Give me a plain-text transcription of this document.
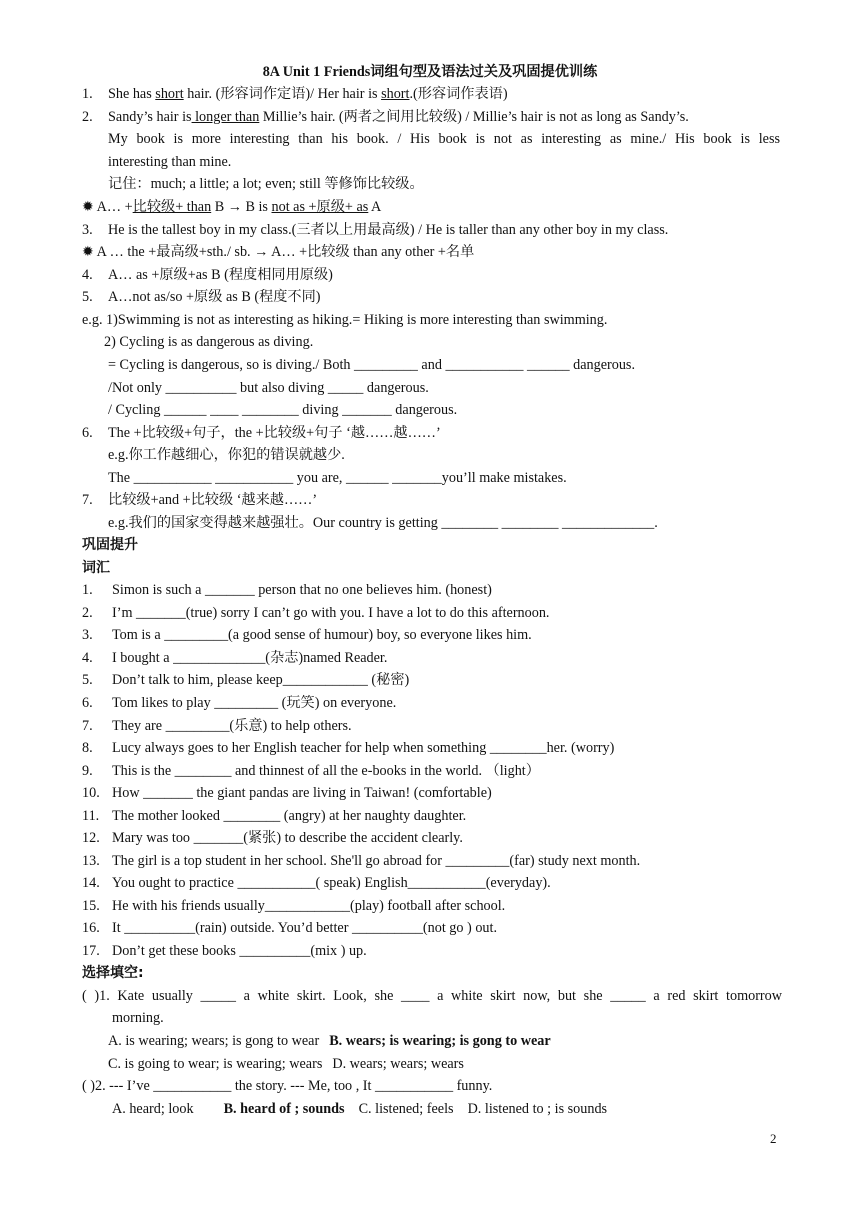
8A Unit 1 Friends词组句型及语法过关及巩固提优训练
1. She has short hair. (形容词作定语)/ Her hair is short.(形容词作表语)
2. Sandy’s hair is longer than Millie’s hair. (两者之间用比较级) / Millie’s hair is not as long as Sandy’s.
My book is more interesting than his book. / His book is not as interesting as mine./ His book is less
interesting than mine.
记住：much; a little; a lot; even; still 等修饰比较级。
✹ A… +比较级+ than B → B is not as +原级+ as A
3. He is the tallest boy in my class.(三者以上用最高级) / He is taller than any other boy in my class.
✹ A … the +最高级+sth./ sb. → A… +比较级 than any other +名单
4. A… as +原级+as B (程度相同用原级)
5. A…not as/so +原级 as B (程度不同)
e.g. 1)Swimming is not as interesting as hiking.= Hiking is more interesting than swimming.
2) Cycling is as dangerous as diving.
= Cycling is dangerous, so is diving./ Both _________ and ___________ ______ dangerous.
/Not only __________ but also diving _____ dangerous.
/ Cycling ______ ____ ________ diving _______ dangerous.
6. The +比较级+句子，the +比较级+句子 ‘越……越……’
e.g.你工作越细心，你犯的错误就越少.
The ___________ ___________ you are, ______ _______you’ll make mistakes.
7. 比较级+and +比较级 ‘越来越……’
e.g.我们的国家变得越来越强壮。Our country is getting ________ ________ _____________.
巩固提升
词汇
1. Simon is such a _______ person that no one believes him. (honest)
2. I’m _______(true) sorry I can’t go with you. I have a lot to do this afternoon.
3. Tom is a _________(a good sense of humour) boy, so everyone likes him.
4. I bought a _____________(杂志)named Reader.
5. Don’t talk to him, please keep____________ (秘密)
6. Tom likes to play _________ (玩笑) on everyone.
7. They are _________(乐意) to help others.
8. Lucy always goes to her English teacher for help when something ________her. (worry)
9. This is the ________ and thinnest of all the e-books in the world. （light）
10. How _______ the giant pandas are living in Taiwan! (comfortable)
11. The mother looked ________ (angry) at her naughty daughter.
12. Mary was too _______(紧张) to describe the accident clearly.
13. The girl is a top student in her school. She'll go abroad for _________(far) study next month.
14. You ought to practice ___________( speak) English___________(everyday).
15. He with his friends usually____________(play) football after school.
16. It __________(rain) outside. You’d better __________(not go ) out.
17. Don’t get these books __________(mix ) up.
选择填空:
( )1. Kate usually _____ a white skirt. Look, she ____ a white skirt now, but she _____ a red skirt tomorrow
morning.
A. is wearing; wears; is gong to wear B. wears; is wearing; is gong to wear
C. is going to wear; is wearing; wears D. wears; wears; wears
( )2. --- I’ve ___________ the story. --- Me, too , It ___________ funny.
A. heard; look B. heard of ; sounds C. listened; feels D. listened to ; is sounds
2
